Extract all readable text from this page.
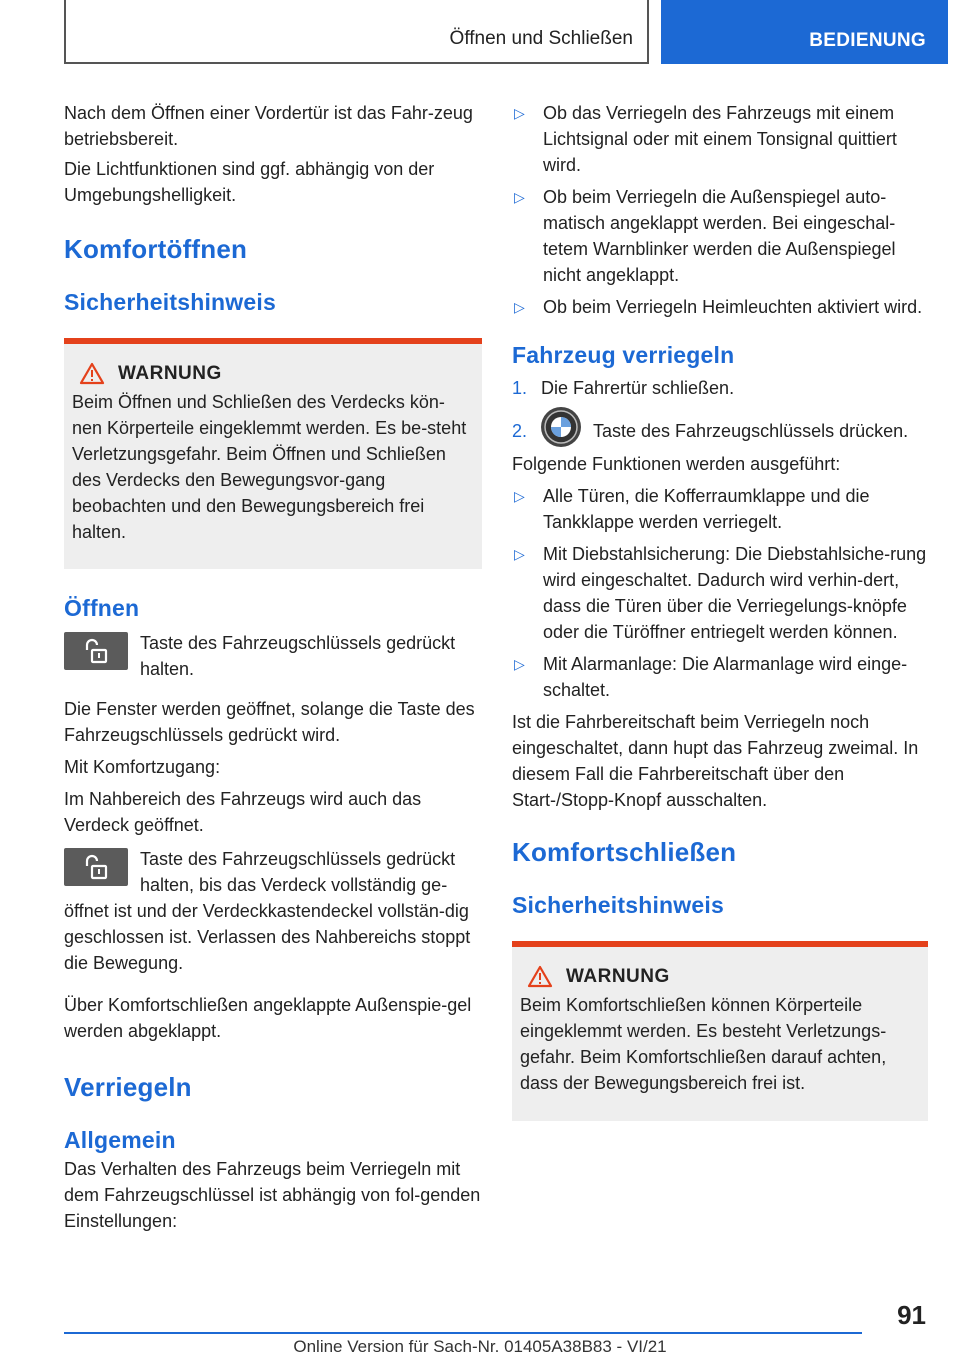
Öffnen und Schließen	BEDIENUNG

Nach dem Öffnen einer Vordertür ist das Fahr-zeug betriebsbereit.

Die Lichtfunktionen sind ggf. abhängig von der Umgebungshelligkeit.

Komfortöffnen
Sicherheitshinweis
WARNUNG

Beim Öffnen und Schließen des Verdecks kön-nen Körperteile eingeklemmt werden. Es be-steht Verletzungsgefahr. Beim Öffnen und Schließen des Verdecks den Bewegungsvor-gang beobachten und den Bewegungsbereich frei halten.

Öffnen

Taste des Fahrzeugschlüssels gedrückt halten.

Die Fenster werden geöffnet, solange die Taste des Fahrzeugschlüssels gedrückt wird.

Mit Komfortzugang:

Im Nahbereich des Fahrzeugs wird auch das Verdeck geöffnet.

Taste des Fahrzeugschlüssels gedrückt halten, bis das Verdeck vollständig ge-

öffnet ist und der Verdeckkastendeckel vollstän-dig geschlossen ist. Verlassen des Nahbereichs stoppt die Bewegung.

Über Komfortschließen angeklappte Außenspie-gel werden abgeklappt.

Verriegeln
Allgemein

Das Verhalten des Fahrzeugs beim Verriegeln mit dem Fahrzeugschlüssel ist abhängig von fol-genden Einstellungen:

▷	Ob das Verriegeln des Fahrzeugs mit einem Lichtsignal oder mit einem Tonsignal quittiert wird.
▷	Ob beim Verriegeln die Außenspiegel auto-matisch angeklappt werden. Bei eingeschal-tetem Warnblinker werden die Außenspiegel nicht angeklappt.
▷	Ob beim Verriegeln Heimleuchten aktiviert wird.
Fahrzeug verriegeln
1. Die Fahrertür schließen.
2.	Taste des Fahrzeugschlüssels drücken.

Folgende Funktionen werden ausgeführt:

▷	Alle Türen, die Kofferraumklappe und die Tankklappe werden verriegelt.
▷	Mit Diebstahlsicherung: Die Diebstahlsiche-rung wird eingeschaltet. Dadurch wird verhin-dert, dass die Türen über die Verriegelungs-knöpfe oder die Türöffner entriegelt werden können.
▷	Mit Alarmanlage: Die Alarmanlage wird einge-schaltet.

Ist die Fahrbereitschaft beim Verriegeln noch eingeschaltet, dann hupt das Fahrzeug zweimal. In diesem Fall die Fahrbereitschaft über den Start-/Stopp-Knopf ausschalten.

Komfortschließen
Sicherheitshinweis
WARNUNG

Beim Komfortschließen können Körperteile eingeklemmt werden. Es besteht Verletzungs-gefahr. Beim Komfortschließen darauf achten, dass der Bewegungsbereich frei ist.

91
Online Version für Sach-Nr. 01405A38B83 - VI/21
